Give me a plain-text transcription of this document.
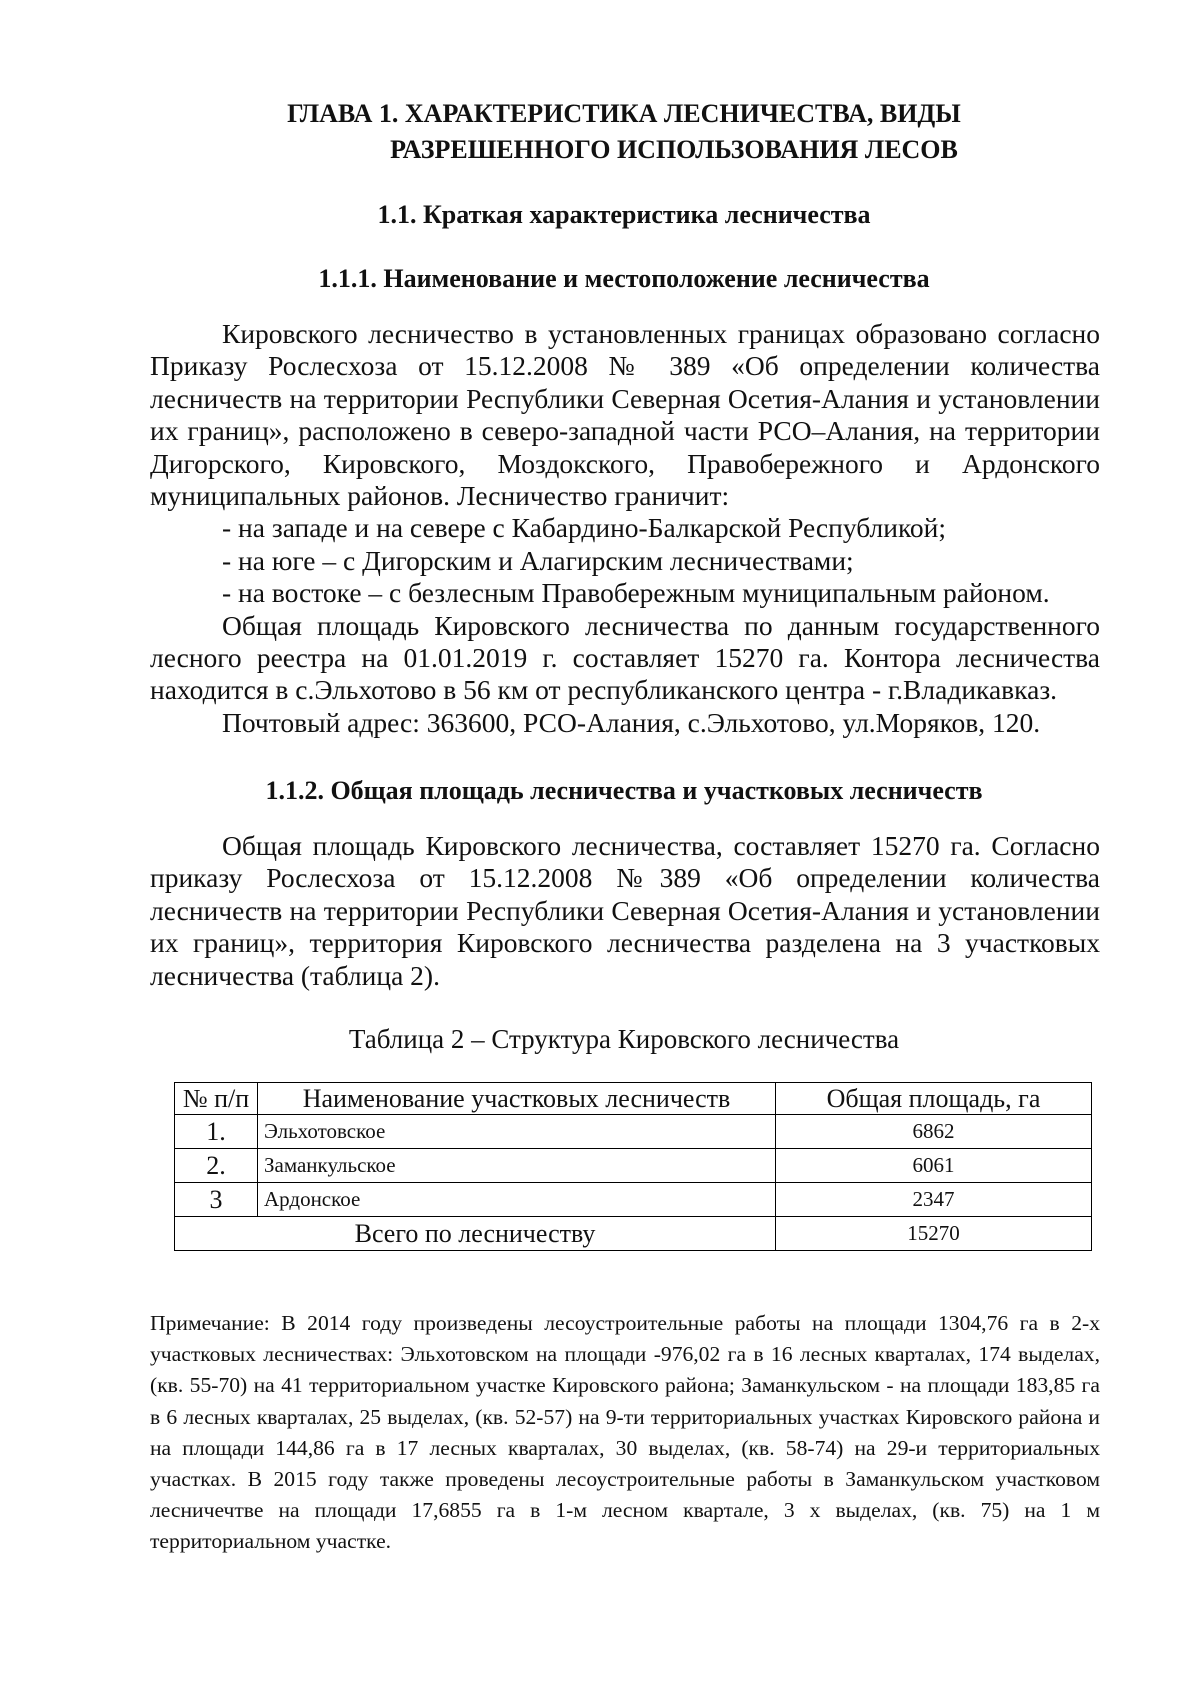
ГЛАВА 1. ХАРАКТЕРИСТИКА ЛЕСНИЧЕСТВА, ВИДЫ
РАЗРЕШЕННОГО ИСПОЛЬЗОВАНИЯ ЛЕСОВ
1.1. Краткая характеристика лесничества
1.1.1. Наименование и местоположение лесничества

Кировского лесничество в установленных границах образовано согласно Приказу Рослесхоза от 15.12.2008 № 389 «Об определении количества лесничеств на территории Республики Северная Осетия-Алания и установлении их границ», расположено в северо-западной части РСО–Алания, на территории Дигорского, Кировского, Моздокского, Правобережного и Ардонского муниципальных районов. Лесничество граничит:

- на западе и на севере с Кабардино-Балкарской Республикой;

- на юге – с Дигорским и Алагирским лесничествами;

- на востоке – с безлесным Правобережным муниципальным районом.

Общая площадь Кировского лесничества по данным государственного лесного реестра на 01.01.2019 г. составляет 15270 га. Контора лесничества находится в с.Эльхотово в 56 км от республиканского центра - г.Владикавказ.

Почтовый адрес: 363600, РСО-Алания, с.Эльхотово, ул.Моряков, 120.

1.1.2. Общая площадь лесничества и участковых лесничеств

Общая площадь Кировского лесничества, составляет 15270 га. Согласно приказу Рослесхоза от 15.12.2008 №389 «Об определении количества лесничеств на территории Республики Северная Осетия-Алания и установлении их границ», территория Кировского лесничества разделена на 3 участковых лесничества (таблица 2).

Таблица 2 – Структура Кировского лесничества
№ п/п	Наименование участковых лесничеств	Общая площадь, га
1.	Эльхотовское	6862
2.	Заманкульское	6061
3	Ардонское	2347
Всего по лесничеству		15270

Примечание: В 2014 году произведены лесоустроительные работы на площади 1304,76 га в 2-х участковых лесничествах: Эльхотовском на площади -976,02 га в 16 лесных кварталах, 174 выделах, (кв. 55-70) на 41 территориальном участке Кировского района; Заманкульском - на площади 183,85 га в 6 лесных кварталах, 25 выделах, (кв. 52-57) на 9-ти территориальных участках Кировского района и на площади 144,86 га в 17 лесных кварталах, 30 выделах, (кв. 58-74) на 29-и территориальных участках. В 2015 году также проведены лесоустроительные работы в Заманкульском участковом лесничечтве на площади 17,6855 га в 1-м лесном квартале, 3 х выделах, (кв. 75) на 1 м территориальном участке.
